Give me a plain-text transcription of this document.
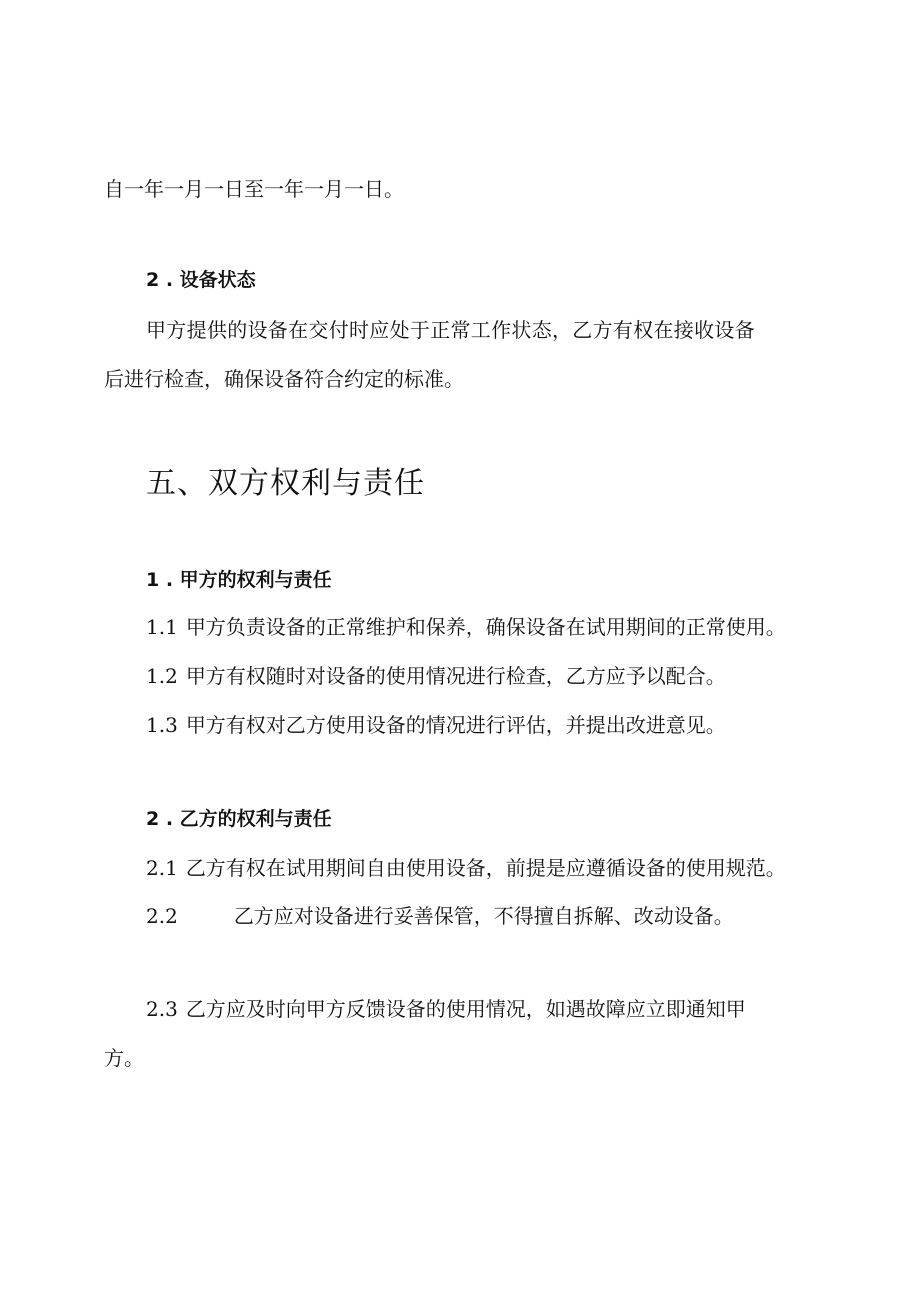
自一年一月一日至一年一月一日。
2 . 设备状态
甲方提供的设备在交付时应处于正常工作状态，乙方有权在接收设备
后进行检查，确保设备符合约定的标准。
五、双方权利与责任
1 . 甲方的权利与责任
1.1 甲方负责设备的正常维护和保养，确保设备在试用期间的正常使用。
1.2 甲方有权随时对设备的使用情况进行检查，乙方应予以配合。
1.3 甲方有权对乙方使用设备的情况进行评估，并提出改进意见。
2 . 乙方的权利与责任
2.1 乙方有权在试用期间自由使用设备，前提是应遵循设备的使用规范。
2.2	乙方应对设备进行妥善保管，不得擅自拆解、改动设备。
2.3 乙方应及时向甲方反馈设备的使用情况，如遇故障应立即通知甲
方。
